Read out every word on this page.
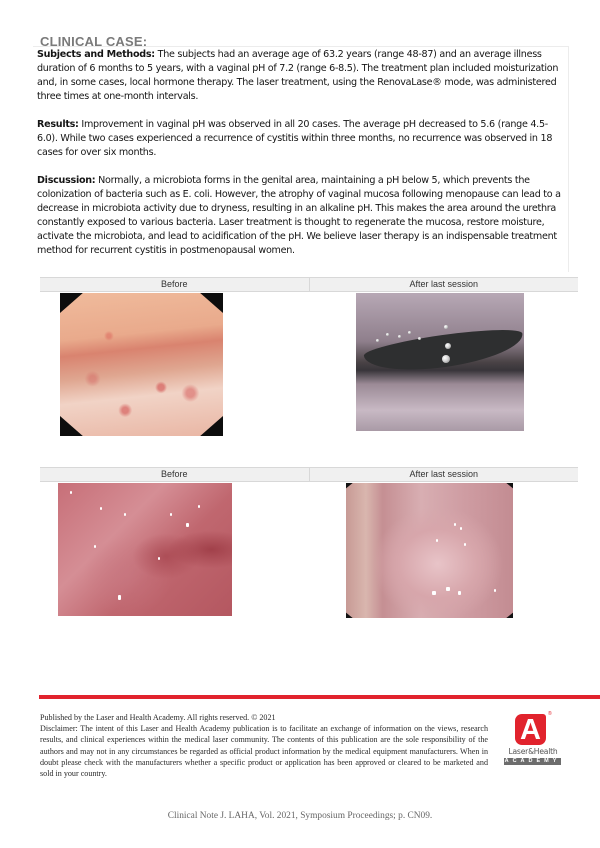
CLINICAL CASE:

Subjects and Methods: The subjects had an average age of 63.2 years (range 48-87) and an average illness duration of 6 months to 5 years, with a vaginal pH of 7.2 (range 6-8.5). The treatment plan included moisturization and, in some cases, local hormone therapy. The laser treatment, using the RenovaLase® mode, was administered three times at one-month intervals.

Results: Improvement in vaginal pH was observed in all 20 cases. The average pH decreased to 5.6 (range 4.5-6.0). While two cases experienced a recurrence of cystitis within three months, no recurrence was observed in 18 cases for over six months.

Discussion: Normally, a microbiota forms in the genital area, maintaining a pH below 5, which prevents the colonization of bacteria such as E. coli. However, the atrophy of vaginal mucosa following menopause can lead to a decrease in microbiota activity due to dryness, resulting in an alkaline pH. This makes the area around the urethra constantly exposed to various bacteria. Laser treatment is thought to regenerate the mucosa, restore moisture, activate the microbiota, and lead to acidification of the pH. We believe laser therapy is an indispensable treatment method for recurrent cystitis in postmenopausal women.

Before	After last session
Before	After last session
Published by the Laser and Health Academy. All rights reserved. © 2021
Disclaimer: The intent of this Laser and Health Academy publication is to facilitate an exchange of information on the views, research results, and clinical experiences within the medical laser community. The contents of this publication are the sole responsibility of the authors and may not in any circumstances be regarded as official product information by the medical equipment manufacturers. When in doubt please check with the manufacturers whether a specific product or application has been approved or cleared to be marketed and sold in your country.
A	®
Laser&Health
ACADEMY
Clinical Note J. LAHA, Vol. 2021, Symposium Proceedings; p. CN09.
